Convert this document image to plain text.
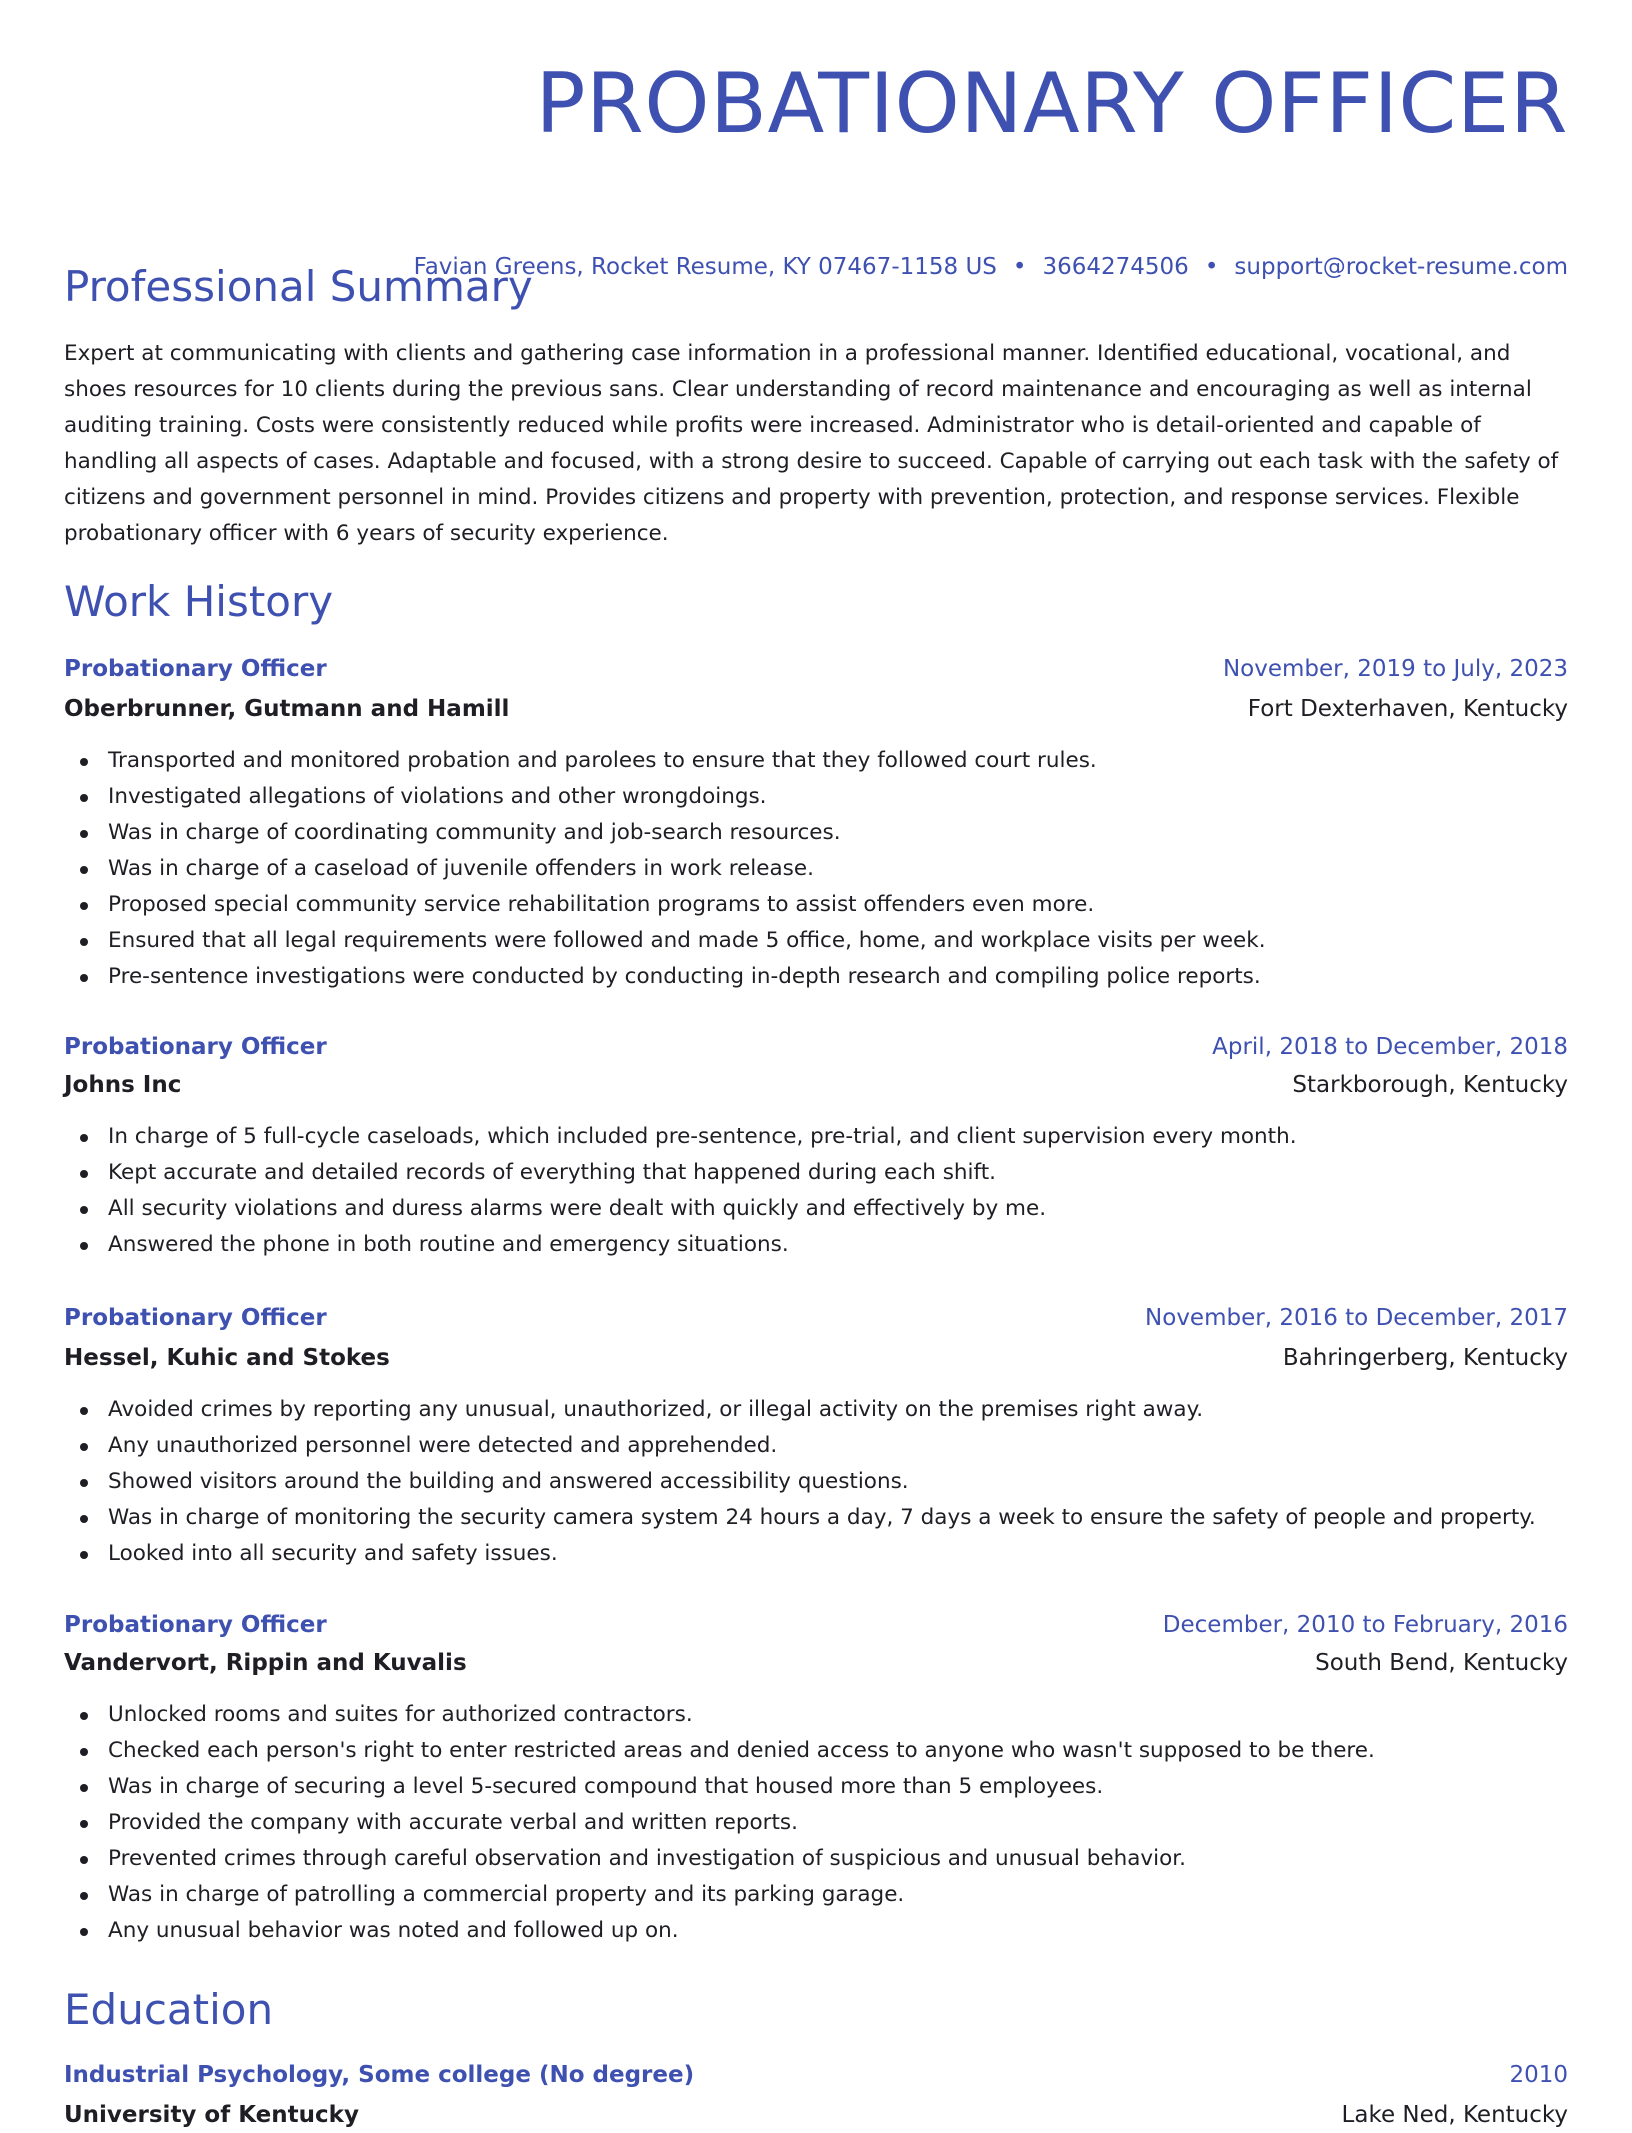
PROBATIONARY OFFICER
Favian Greens, Rocket Resume, KY 07467-1158 US • 3664274506 • support@rocket-resume.com
Professional Summary

Expert at communicating with clients and gathering case information in a professional manner. Identified educational, vocational, and shoes resources for 10 clients during the previous sans. Clear understanding of record maintenance and encouraging as well as internal auditing training. Costs were consistently reduced while profits were increased. Administrator who is detail-oriented and capable of handling all aspects of cases. Adaptable and focused, with a strong desire to succeed. Capable of carrying out each task with the safety of citizens and government personnel in mind. Provides citizens and property with prevention, protection, and response services. Flexible probationary officer with 6 years of security experience.

Work History
Probationary Officer	November, 2019 to July, 2023
Oberbrunner, Gutmann and Hamill	Fort Dexterhaven, Kentucky
Transported and monitored probation and parolees to ensure that they followed court rules.
Investigated allegations of violations and other wrongdoings.
Was in charge of coordinating community and job-search resources.
Was in charge of a caseload of juvenile offenders in work release.
Proposed special community service rehabilitation programs to assist offenders even more.
Ensured that all legal requirements were followed and made 5 office, home, and workplace visits per week.
Pre-sentence investigations were conducted by conducting in-depth research and compiling police reports.
Probationary Officer	April, 2018 to December, 2018
Johns Inc	Starkborough, Kentucky
In charge of 5 full-cycle caseloads, which included pre-sentence, pre-trial, and client supervision every month.
Kept accurate and detailed records of everything that happened during each shift.
All security violations and duress alarms were dealt with quickly and effectively by me.
Answered the phone in both routine and emergency situations.
Probationary Officer	November, 2016 to December, 2017
Hessel, Kuhic and Stokes	Bahringerberg, Kentucky
Avoided crimes by reporting any unusual, unauthorized, or illegal activity on the premises right away.
Any unauthorized personnel were detected and apprehended.
Showed visitors around the building and answered accessibility questions.
Was in charge of monitoring the security camera system 24 hours a day, 7 days a week to ensure the safety of people and property.
Looked into all security and safety issues.
Probationary Officer	December, 2010 to February, 2016
Vandervort, Rippin and Kuvalis	South Bend, Kentucky
Unlocked rooms and suites for authorized contractors.
Checked each person's right to enter restricted areas and denied access to anyone who wasn't supposed to be there.
Was in charge of securing a level 5-secured compound that housed more than 5 employees.
Provided the company with accurate verbal and written reports.
Prevented crimes through careful observation and investigation of suspicious and unusual behavior.
Was in charge of patrolling a commercial property and its parking garage.
Any unusual behavior was noted and followed up on.
Education
Industrial Psychology, Some college (No degree)	2010
University of Kentucky	Lake Ned, Kentucky
